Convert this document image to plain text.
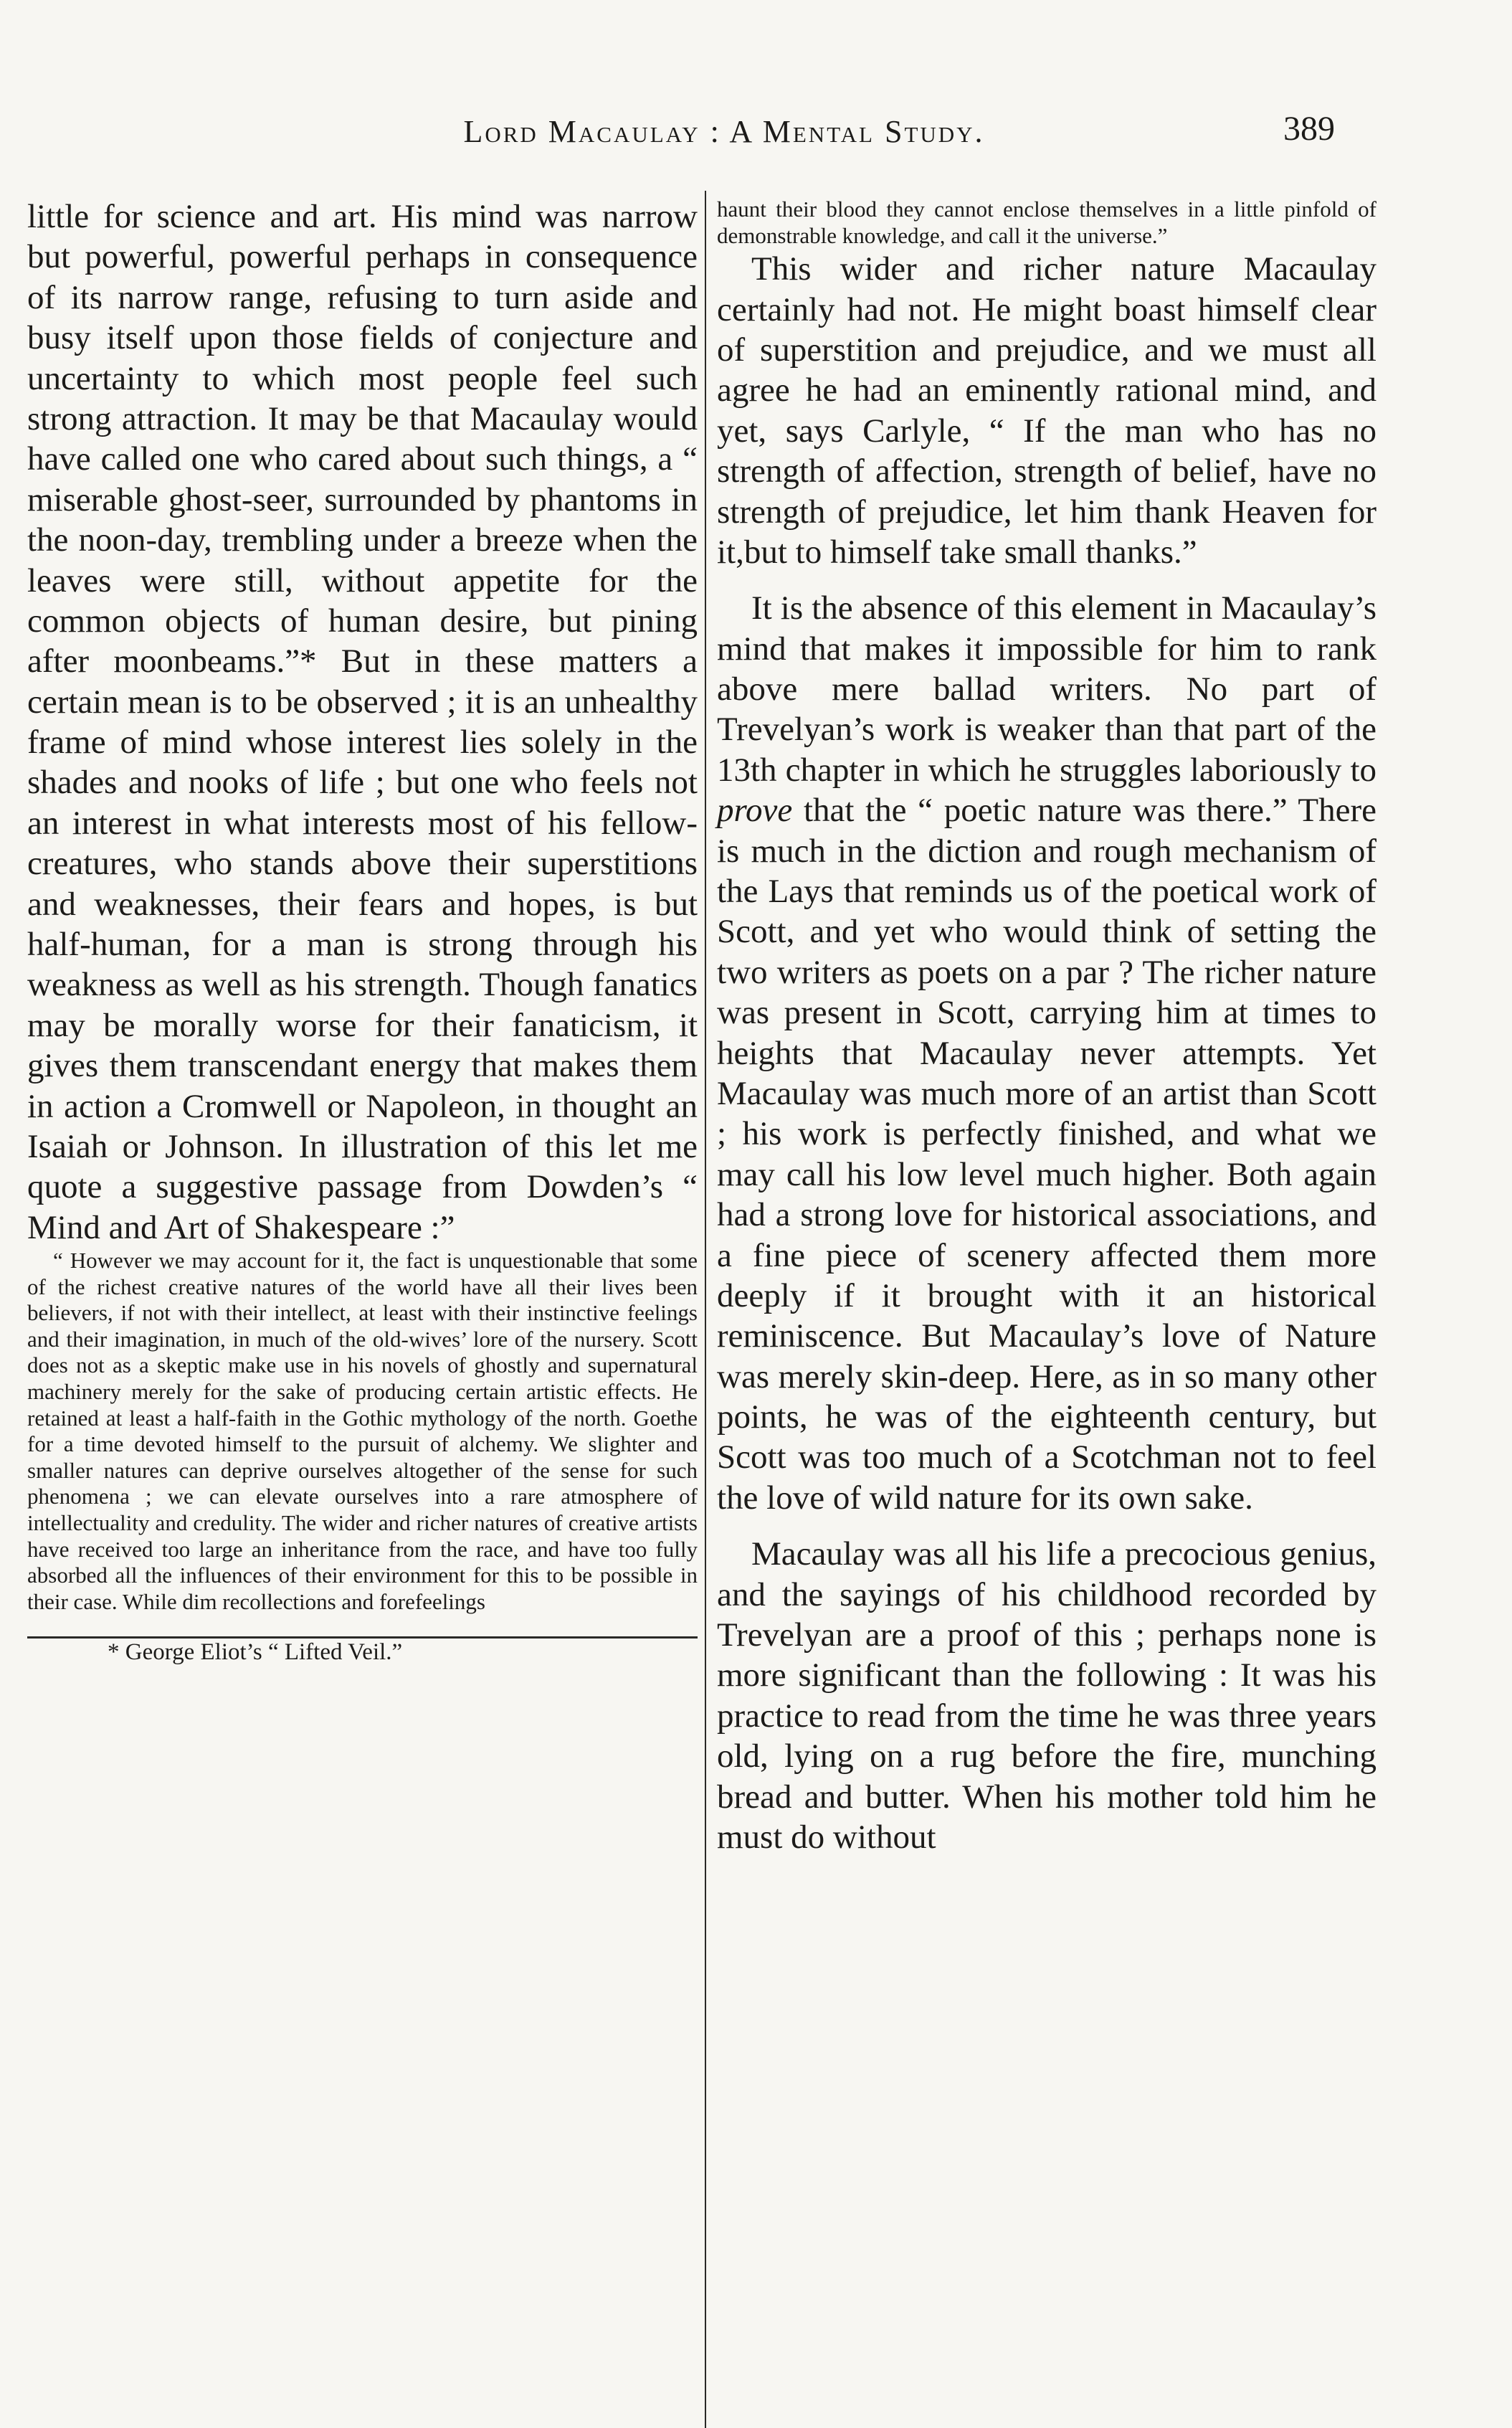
Lord Macaulay : A Mental Study.	389

little for science and art. His mind was narrow but powerful, powerful perhaps in consequence of its narrow range, refusing to turn aside and busy itself upon those fields of conjecture and uncertainty to which most people feel such strong attraction. It may be that Macaulay would have called one who cared about such things, a “ miserable ghost-seer, surrounded by phantoms in the noon-day, trembling under a breeze when the leaves were still, without appetite for the common objects of human desire, but pining after moonbeams.”* But in these matters a certain mean is to be observed ; it is an unhealthy frame of mind whose interest lies solely in the shades and nooks of life ; but one who feels not an interest in what interests most of his fellow-creatures, who stands above their superstitions and weaknesses, their fears and hopes, is but half-human, for a man is strong through his weakness as well as his strength. Though fanatics may be morally worse for their fanaticism, it gives them transcendant energy that makes them in action a Cromwell or Napoleon, in thought an Isaiah or Johnson. In illustration of this let me quote a suggestive passage from Dowden’s “ Mind and Art of Shakespeare :”

“ However we may account for it, the fact is unquestionable that some of the richest creative natures of the world have all their lives been believers, if not with their intellect, at least with their instinctive feelings and their imagination, in much of the old-wives’ lore of the nursery. Scott does not as a skeptic make use in his novels of ghostly and supernatural machinery merely for the sake of producing certain artistic effects. He retained at least a half-faith in the Gothic mythology of the north. Goethe for a time devoted himself to the pursuit of alchemy. We slighter and smaller natures can deprive ourselves altogether of the sense for such phenomena ; we can elevate ourselves into a rare atmosphere of intellectuality and credulity. The wider and richer natures of creative artists have received too large an inheritance from the race, and have too fully absorbed all the influences of their environment for this to be possible in their case. While dim recollections and forefeelings

* George Eliot’s “ Lifted Veil.”

haunt their blood they cannot enclose themselves in a little pinfold of demonstrable knowledge, and call it the universe.”

This wider and richer nature Macaulay certainly had not. He might boast himself clear of superstition and prejudice, and we must all agree he had an eminently rational mind, and yet, says Carlyle, “ If the man who has no strength of affection, strength of belief, have no strength of prejudice, let him thank Heaven for it,but to himself take small thanks.”

It is the absence of this element in Macaulay’s mind that makes it impossible for him to rank above mere ballad writers. No part of Trevelyan’s work is weaker than that part of the 13th chapter in which he struggles laboriously to prove that the “ poetic nature was there.” There is much in the diction and rough mechanism of the Lays that reminds us of the poetical work of Scott, and yet who would think of setting the two writers as poets on a par ? The richer nature was present in Scott, carrying him at times to heights that Macaulay never attempts. Yet Macaulay was much more of an artist than Scott ; his work is perfectly finished, and what we may call his low level much higher. Both again had a strong love for historical associations, and a fine piece of scenery affected them more deeply if it brought with it an historical reminiscence. But Macaulay’s love of Nature was merely skin-deep. Here, as in so many other points, he was of the eighteenth century, but Scott was too much of a Scotchman not to feel the love of wild nature for its own sake.

Macaulay was all his life a precocious genius, and the sayings of his childhood recorded by Trevelyan are a proof of this ; perhaps none is more significant than the following : It was his practice to read from the time he was three years old, lying on a rug before the fire, munching bread and butter. When his mother told him he must do without
